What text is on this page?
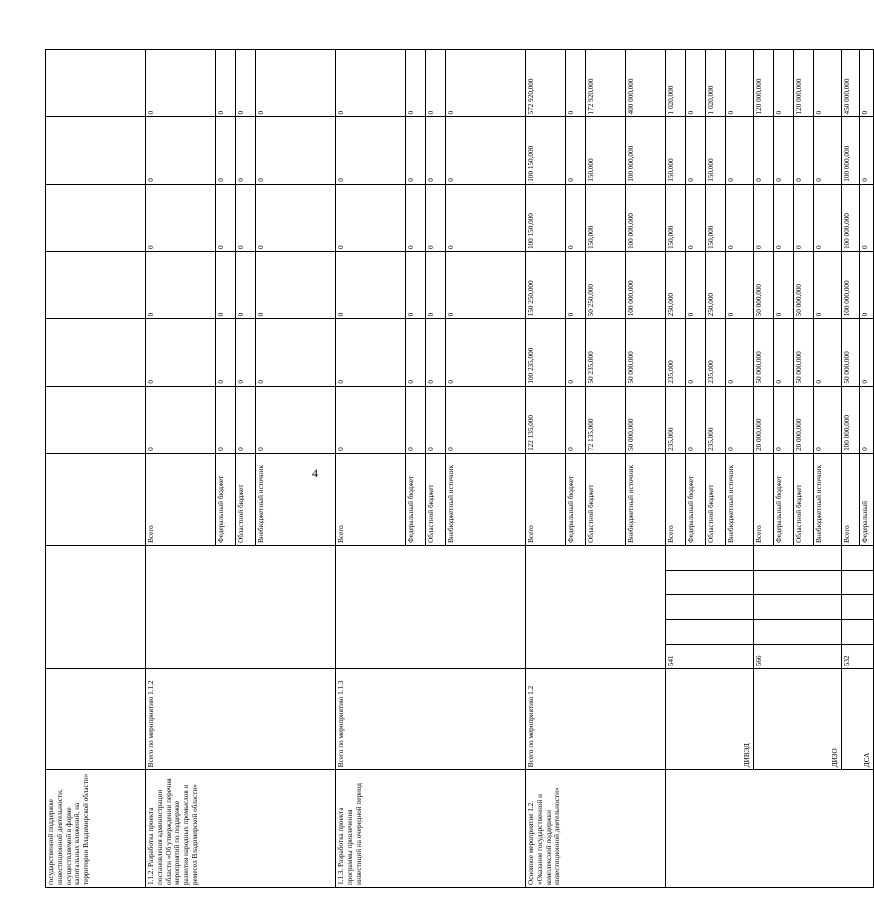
4
государственной поддержке инвестиционной деятельности, осуществляемой в форме капитальных вложений, на территории Владимирской области»													
1.1.2. Разработка проекта постановления администрации области «Об утверждении перечня мероприятий по поддержке развития народных промыслов и ремесел Владимирской области»	Всего по мероприятию 1.1.2						Всего	0	0	0	0	0	0
							Федеральный бюджет	0	0	0	0	0	0
							Областной бюджет	0	0	0	0	0	0
							Внебюджетный источник	0	0	0	0	0	0
1.1.3. Разработка проекта программы привлечения инвестиций на очередной период	Всего по мероприятию 1.1.3						Всего	0	0	0	0	0	0
							Федеральный бюджет	0	0	0	0	0	0
							Областной бюджет	0	0	0	0	0	0
							Внебюджетный источник	0	0	0	0	0	0
Основное мероприятие 1.2. «Оказание государственной и комплексной поддержки инвестиционной деятельности»	Всего по мероприятию 1.2						Всего	122 135,000	100 235,000	150 250,000	100 150,000	100 150,000	572 920,000
							Федеральный бюджет	0	0	0	0	0	0
							Областной бюджет	72 135,000	50 235,000	50 250,000	150,000	150,000	172 920,000
							Внебюджетный источник	50 000,000	50 000,000	100 000,000	100 000,000	100 000,000	400 000,000
	ДИВЭД	541					Всего	235,000	235,000	250,000	150,000	150,000	1 020,000
							Федеральный бюджет	0	0	0	0	0	0
							Областной бюджет	235,000	235,000	250,000	150,000	150,000	1 020,000
							Внебюджетный источник	0	0	0	0	0	0
	ДИЗО	566					Всего	20 000,000	50 000,000	50 000,000	0	0	120 000,000
							Федеральный бюджет	0	0	0	0	0	0
							Областной бюджет	20 000,000	50 000,000	50 000,000	0	0	120 000,000
							Внебюджетный источник	0	0	0	0	0	0
	ДСА	532					Всего	100 000,000	50 000,000	100 000,000	100 000,000	100 000,000	450 000,000
							Федеральный	0	0	0	0	0	0
